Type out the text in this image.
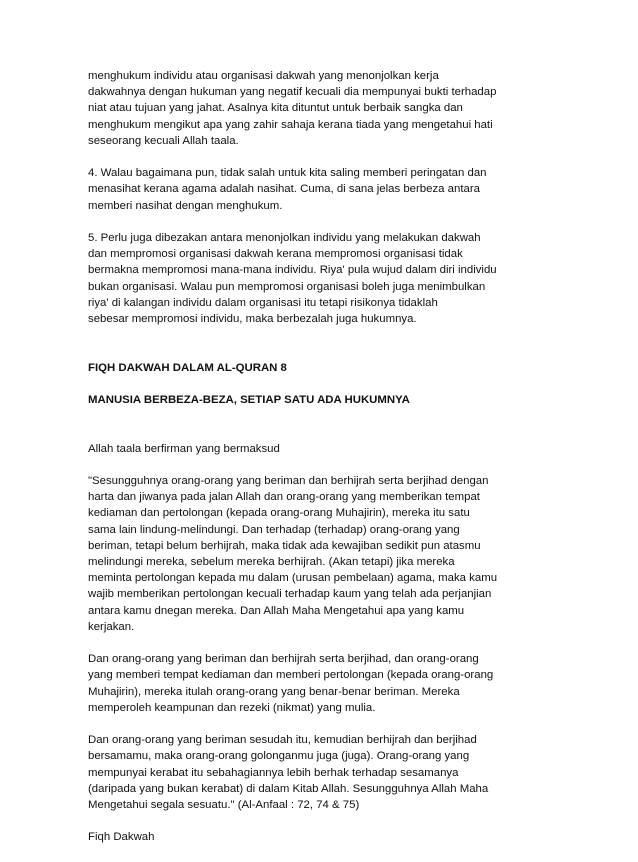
menghukum individu atau organisasi dakwah yang menonjolkan kerja
dakwahnya dengan hukuman yang negatif kecuali dia mempunyai bukti terhadap
niat atau tujuan yang jahat. Asalnya kita dituntut untuk berbaik sangka dan
menghukum mengikut apa yang zahir sahaja kerana tiada yang mengetahui hati
seseorang kecuali Allah taala.

4. Walau bagaimana pun, tidak salah untuk kita saling memberi peringatan dan
menasihat kerana agama adalah nasihat. Cuma, di sana jelas berbeza antara
memberi nasihat dengan menghukum.

5. Perlu juga dibezakan antara menonjolkan individu yang melakukan dakwah
dan mempromosi organisasi dakwah kerana mempromosi organisasi tidak
bermakna mempromosi mana-mana individu. Riya' pula wujud dalam diri individu
bukan organisasi. Walau pun mempromosi organisasi boleh juga menimbulkan
riya' di kalangan individu dalam organisasi itu tetapi risikonya tidaklah
sebesar mempromosi individu, maka berbezalah juga hukumnya.

FIQH DAKWAH DALAM AL-QURAN 8

MANUSIA BERBEZA-BEZA, SETIAP SATU ADA HUKUMNYA

Allah taala berfirman yang bermaksud

"Sesungguhnya orang-orang yang beriman dan berhijrah serta berjihad dengan
harta dan jiwanya pada jalan Allah dan orang-orang yang memberikan tempat
kediaman dan pertolongan (kepada orang-orang Muhajirin), mereka itu satu
sama lain lindung-melindungi. Dan terhadap (terhadap) orang-orang yang
beriman, tetapi belum berhijrah, maka tidak ada kewajiban sedikit pun atasmu
melindungi mereka, sebelum mereka berhijrah. (Akan tetapi) jika mereka
meminta pertolongan kepada mu dalam (urusan pembelaan) agama, maka kamu
wajib memberikan pertolongan kecuali terhadap kaum yang telah ada perjanjian
antara kamu dnegan mereka. Dan Allah Maha Mengetahui apa yang kamu
kerjakan.

Dan orang-orang yang beriman dan berhijrah serta berjihad, dan orang-orang
yang memberi tempat kediaman dan memberi pertolongan (kepada orang-orang
Muhajirin), mereka itulah orang-orang yang benar-benar beriman. Mereka
memperoleh keampunan dan rezeki (nikmat) yang mulia.

Dan orang-orang yang beriman sesudah itu, kemudian berhijrah dan berjihad
bersamamu, maka orang-orang golonganmu juga (juga). Orang-orang yang
mempunyai kerabat itu sebahagiannya lebih berhak terhadap sesamanya
(daripada yang bukan kerabat) di dalam Kitab Allah. Sesungguhnya Allah Maha
Mengetahui segala sesuatu." (Al-Anfaal : 72, 74 & 75)

Fiqh Dakwah
